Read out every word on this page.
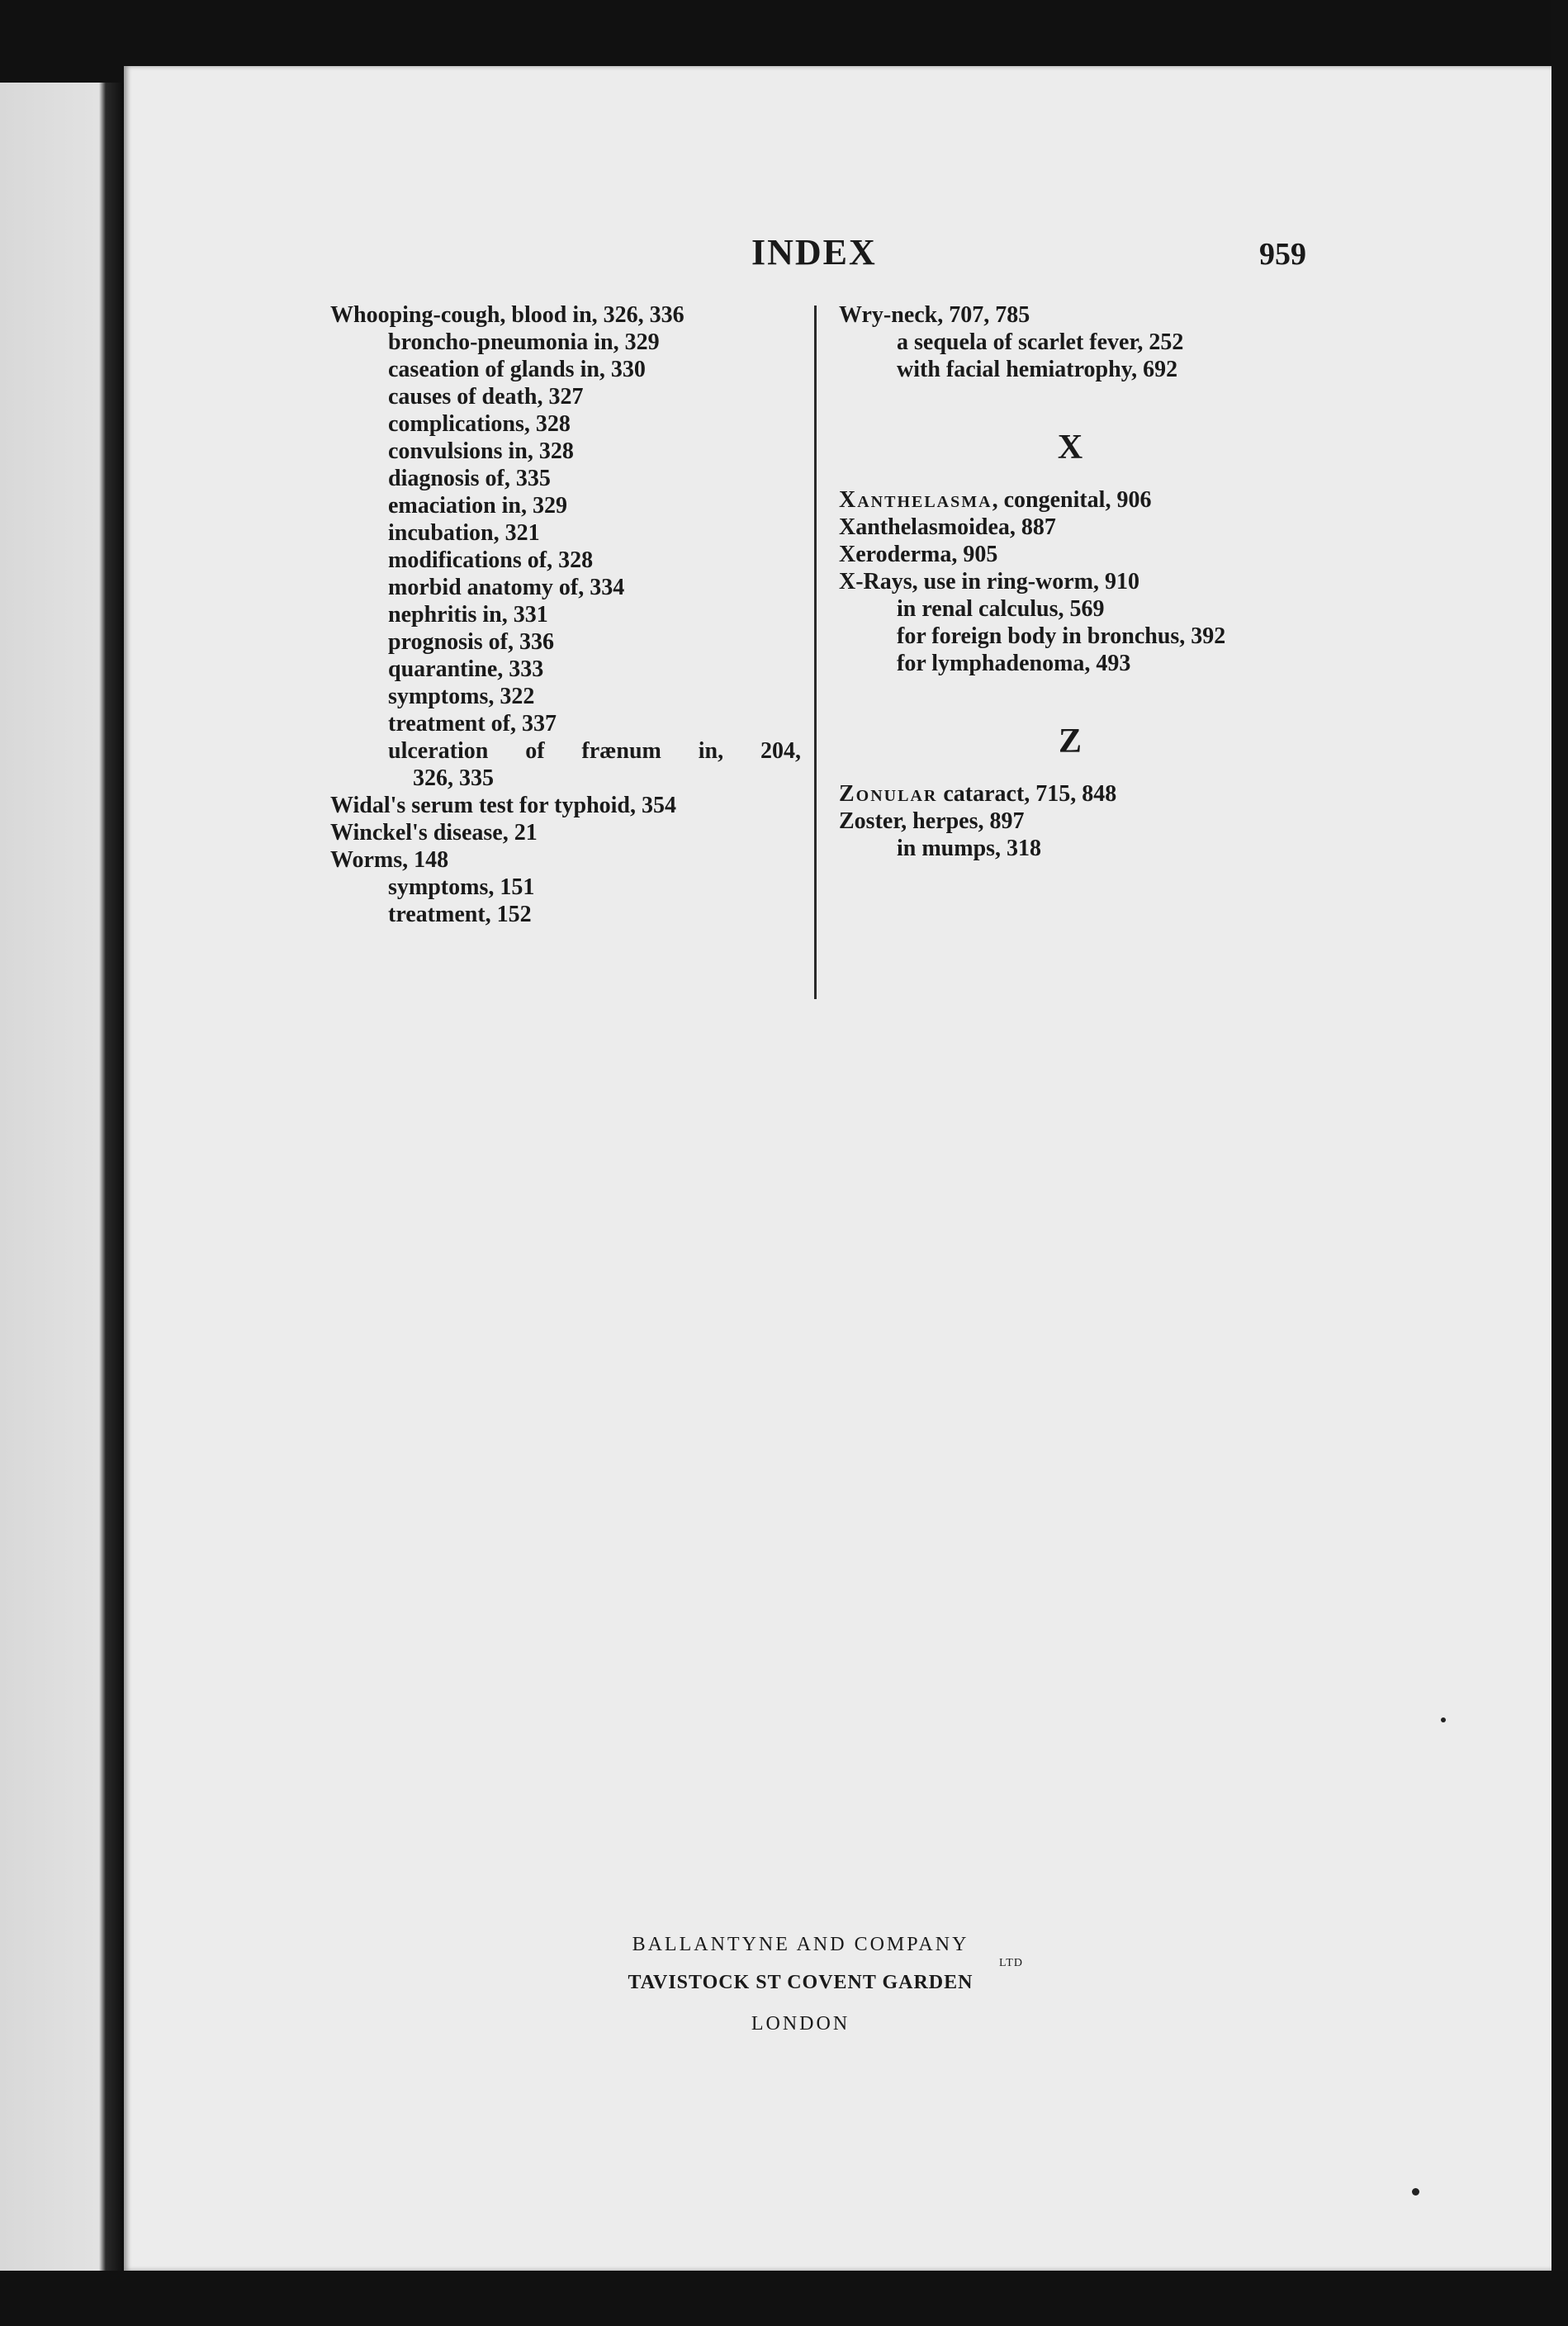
INDEX	959
Whooping-cough, blood in, 326, 336
broncho-pneumonia in, 329
caseation of glands in, 330
causes of death, 327
complications, 328
convulsions in, 328
diagnosis of, 335
emaciation in, 329
incubation, 321
modifications of, 328
morbid anatomy of, 334
nephritis in, 331
prognosis of, 336
quarantine, 333
symptoms, 322
treatment of, 337
ulceration of frænum in, 204,
326, 335
Widal's serum test for typhoid, 354
Winckel's disease, 21
Worms, 148
symptoms, 151
treatment, 152
Wry-neck, 707, 785
a sequela of scarlet fever, 252
with facial hemiatrophy, 692
X
Xanthelasma, congenital, 906
Xanthelasmoidea, 887
Xeroderma, 905
X-Rays, use in ring-worm, 910
in renal calculus, 569
for foreign body in bronchus, 392
for lymphadenoma, 493
Z
Zonular cataract, 715, 848
Zoster, herpes, 897
in mumps, 318
BALLANTYNE AND COMPANY
LTD
TAVISTOCK ST COVENT GARDEN
LONDON
